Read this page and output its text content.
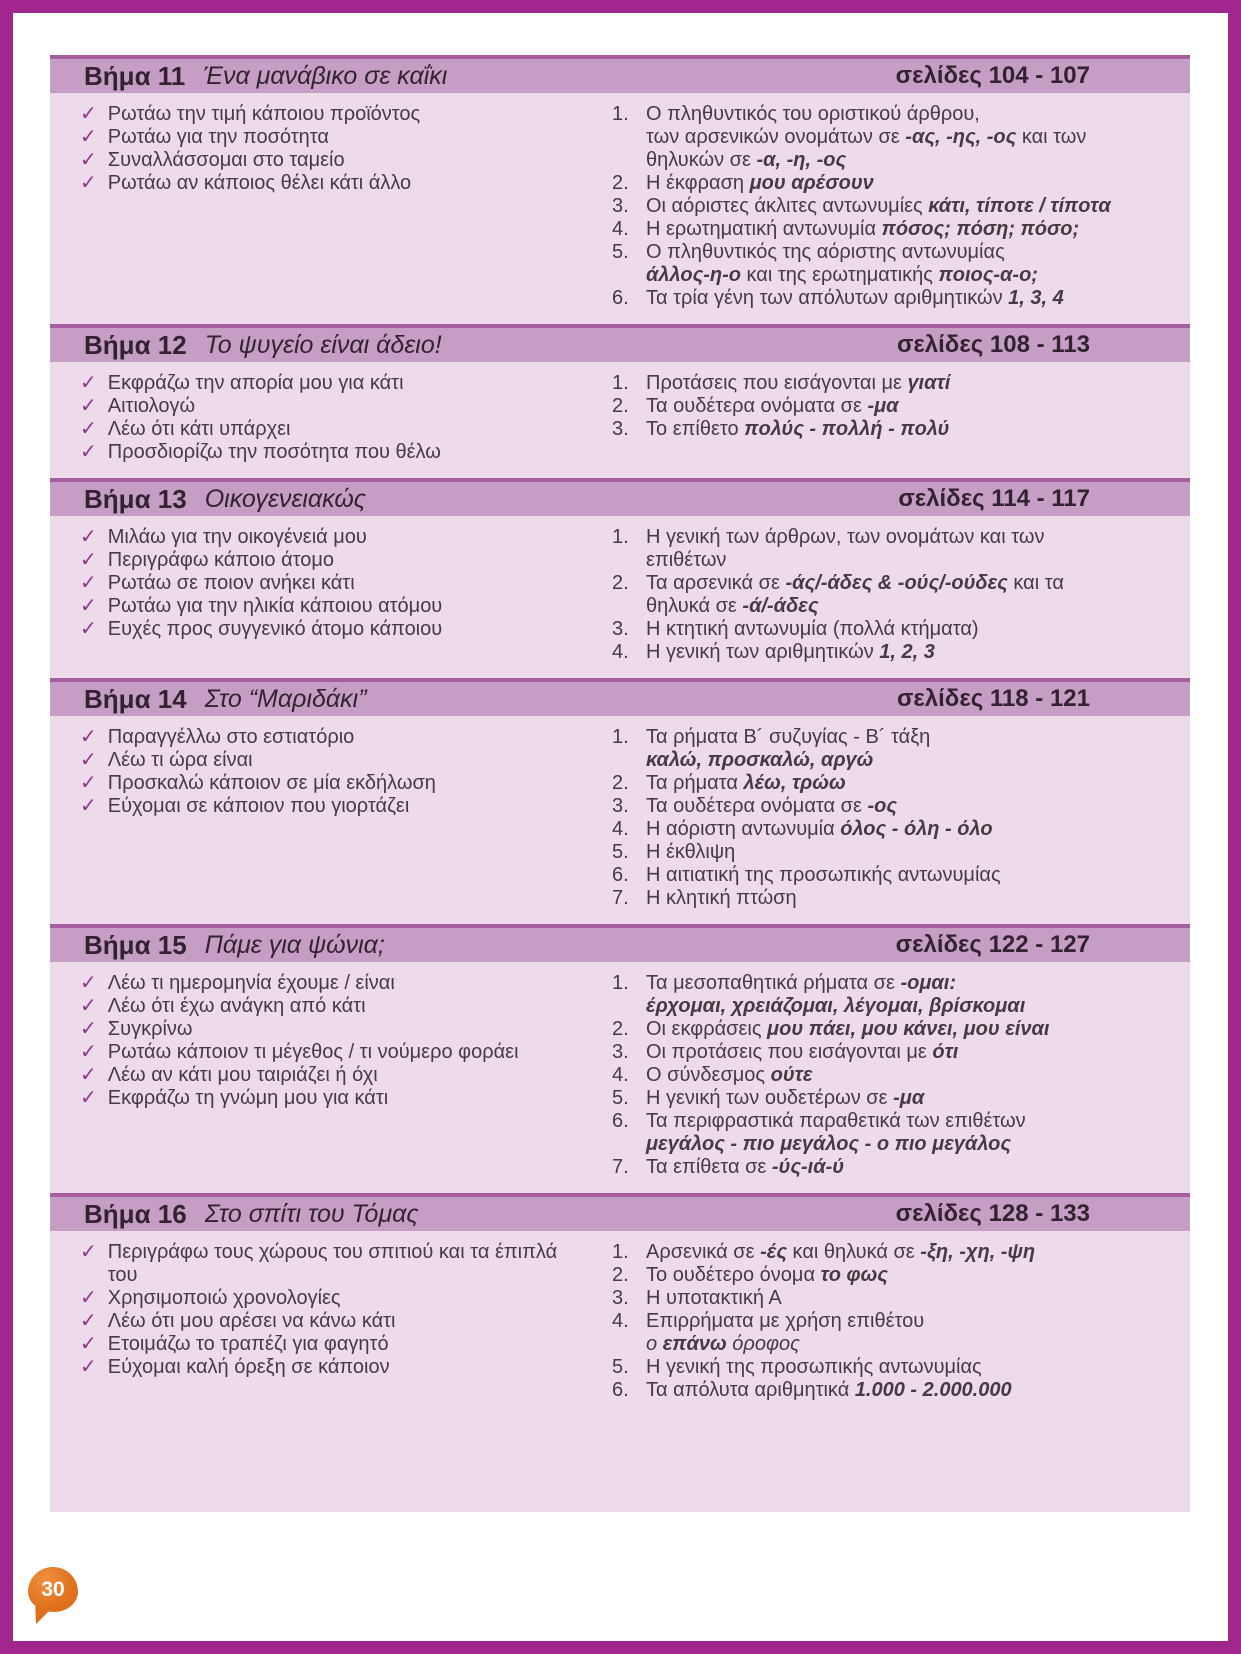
Βήμα 11 Ένα μανάβικο σε καΐκι	σελίδες 104 - 107
✓ Ρωτάω την τιμή κάποιου προϊόντος
✓ Ρωτάω για την ποσότητα
✓ Συναλλάσσομαι στο ταμείο
✓ Ρωτάω αν κάποιος θέλει κάτι άλλο
1. Ο πληθυντικός του οριστικού άρθρου,
των αρσενικών ονομάτων σε -ας, -ης, -ος και των
θηλυκών σε -α, -η, -ος
2. Η έκφραση μου αρέσουν
3. Οι αόριστες άκλιτες αντωνυμίες κάτι, τίποτε / τίποτα
4. Η ερωτηματική αντωνυμία πόσος; πόση; πόσο;
5. Ο πληθυντικός της αόριστης αντωνυμίας
άλλος-η-ο και της ερωτηματικής ποιος-α-ο;
6. Τα τρία γένη των απόλυτων αριθμητικών 1, 3, 4
Βήμα 12 Το ψυγείο είναι άδειο!	σελίδες 108 - 113
✓ Εκφράζω την απορία μου για κάτι
✓ Αιτιολογώ
✓ Λέω ότι κάτι υπάρχει
✓ Προσδιορίζω την ποσότητα που θέλω
1. Προτάσεις που εισάγονται με γιατί
2. Τα ουδέτερα ονόματα σε -μα
3. Το επίθετο πολύς - πολλή - πολύ
Βήμα 13 Οικογενειακώς	σελίδες 114 - 117
✓ Μιλάω για την οικογένειά μου
✓ Περιγράφω κάποιο άτομο
✓ Ρωτάω σε ποιον ανήκει κάτι
✓ Ρωτάω για την ηλικία κάποιου ατόμου
✓ Ευχές προς συγγενικό άτομο κάποιου
1. Η γενική των άρθρων, των ονομάτων και των
επιθέτων
2. Τα αρσενικά σε -άς/-άδες & -ούς/-ούδες και τα
θηλυκά σε -ά/-άδες
3. Η κτητική αντωνυμία (πολλά κτήματα)
4. Η γενική των αριθμητικών 1, 2, 3
Βήμα 14 Στο “Μαριδάκι”	σελίδες 118 - 121
✓ Παραγγέλλω στο εστιατόριο
✓ Λέω τι ώρα είναι
✓ Προσκαλώ κάποιον σε μία εκδήλωση
✓ Εύχομαι σε κάποιον που γιορτάζει
1. Τα ρήματα Β´ συζυγίας - Β´ τάξη
καλώ, προσκαλώ, αργώ
2. Τα ρήματα λέω, τρώω
3. Τα ουδέτερα ονόματα σε -ος
4. Η αόριστη αντωνυμία όλος - όλη - όλο
5. Η έκθλιψη
6. Η αιτιατική της προσωπικής αντωνυμίας
7. Η κλητική πτώση
Βήμα 15 Πάμε για ψώνια;	σελίδες 122 - 127
✓ Λέω τι ημερομηνία έχουμε / είναι
✓ Λέω ότι έχω ανάγκη από κάτι
✓ Συγκρίνω
✓ Ρωτάω κάποιον τι μέγεθος / τι νούμερο φοράει
✓ Λέω αν κάτι μου ταιριάζει ή όχι
✓ Εκφράζω τη γνώμη μου για κάτι
1. Τα μεσοπαθητικά ρήματα σε -ομαι:
έρχομαι, χρειάζομαι, λέγομαι, βρίσκομαι
2. Οι εκφράσεις μου πάει, μου κάνει, μου είναι
3. Οι προτάσεις που εισάγονται με ότι
4. Ο σύνδεσμος ούτε
5. Η γενική των ουδετέρων σε -μα
6. Τα περιφραστικά παραθετικά των επιθέτων
μεγάλος - πιο μεγάλος - ο πιο μεγάλος
7. Τα επίθετα σε -ύς-ιά-ύ
Βήμα 16 Στο σπίτι του Τόμας	σελίδες 128 - 133
✓ Περιγράφω τους χώρους του σπιτιού και τα έπιπλά του
✓ Χρησιμοποιώ χρονολογίες
✓ Λέω ότι μου αρέσει να κάνω κάτι
✓ Ετοιμάζω το τραπέζι για φαγητό
✓ Εύχομαι καλή όρεξη σε κάποιον
1. Αρσενικά σε -ές και θηλυκά σε -ξη, -χη, -ψη
2. Το ουδέτερο όνομα το φως
3. Η υποτακτική Α
4. Επιρρήματα με χρήση επιθέτου
ο επάνω όροφος
5. Η γενική της προσωπικής αντωνυμίας
6. Τα απόλυτα αριθμητικά 1.000 - 2.000.000
30
